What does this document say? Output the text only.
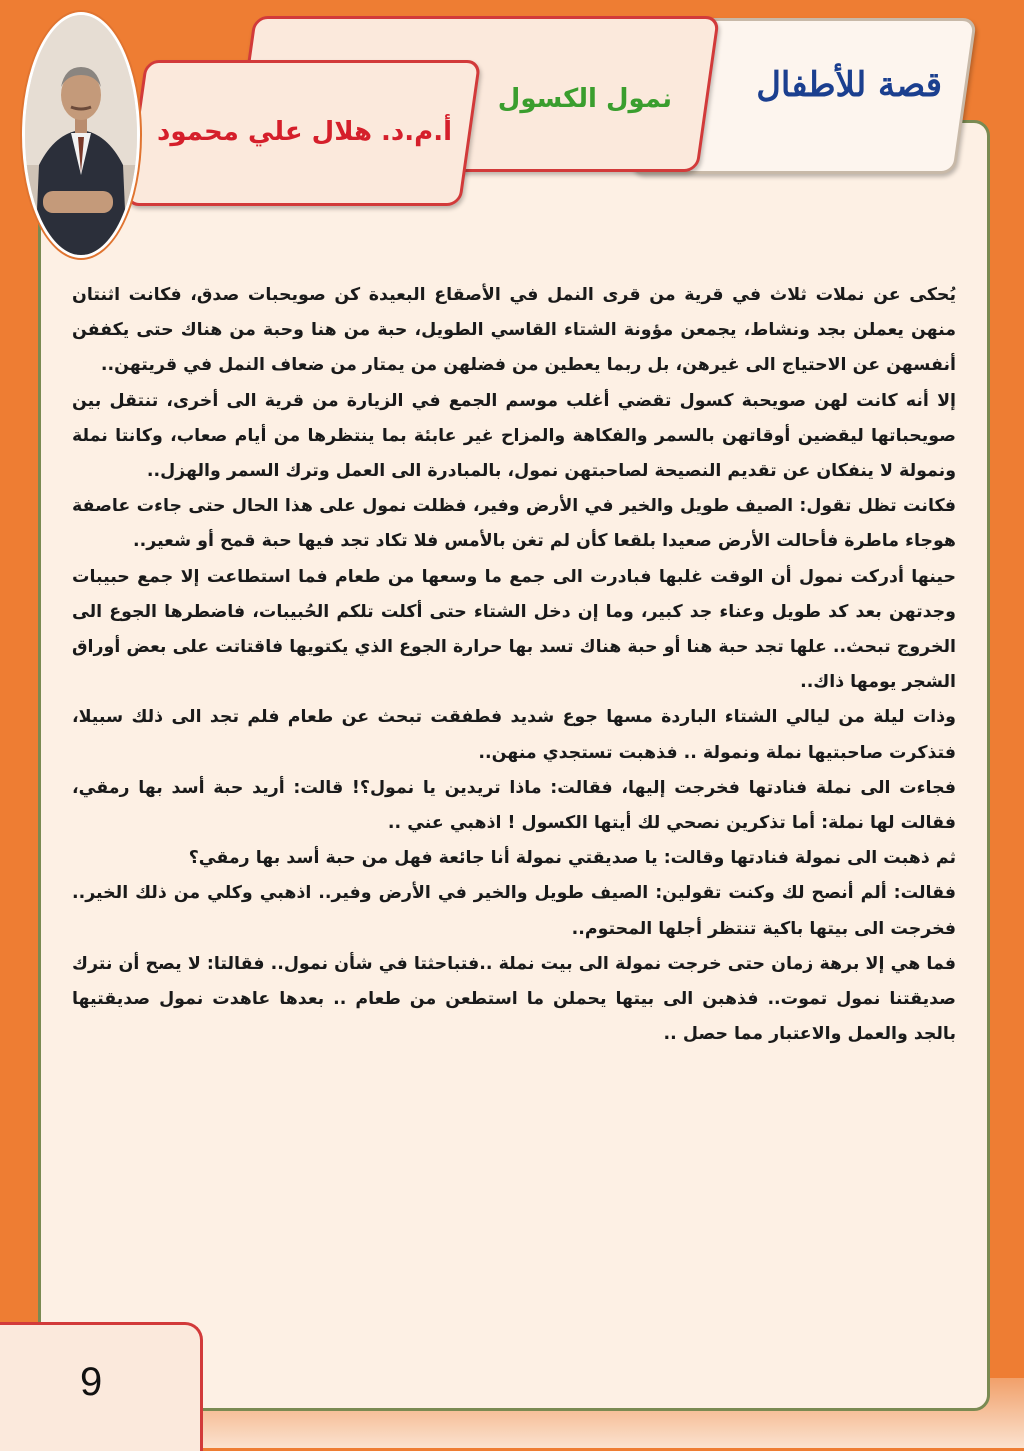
قصة للأطفال
نمول الكسول
أ.م.د. هلال علي محمود

يُحكى عن نملات ثلاث في قرية من قرى النمل في الأصقاع البعيدة كن صويحبات صدق، فكانت اثنتان منهن يعملن بجد ونشاط، يجمعن مؤونة الشتاء القاسي الطويل، حبة من هنا وحبة من هناك حتى يكففن أنفسهن عن الاحتياج الى غيرهن، بل ربما يعطين من فضلهن من يمتار من ضعاف النمل في قريتهن..

إلا أنه كانت لهن صويحبة كسول تقضي أغلب موسم الجمع في الزيارة من قرية الى أخرى، تنتقل بين صويحباتها ليقضين أوقاتهن بالسمر والفكاهة والمزاح غير عابئة بما ينتظرها من أيام صعاب، وكانتا نملة ونمولة لا ينفكان عن تقديم النصيحة لصاحبتهن نمول، بالمبادرة الى العمل وترك السمر والهزل..

فكانت تظل تقول: الصيف طويل والخير في الأرض وفير، فظلت نمول على هذا الحال حتى جاءت عاصفة هوجاء ماطرة فأحالت الأرض صعيدا بلقعا كأن لم تغن بالأمس فلا تكاد تجد فيها حبة قمح أو شعير..

حينها أدركت نمول أن الوقت غلبها فبادرت الى جمع ما وسعها من طعام فما استطاعت إلا جمع حبيبات وجدتهن بعد كد طويل وعناء جد كبير، وما إن دخل الشتاء حتى أكلت تلكم الحُبيبات، فاضطرها الجوع الى الخروج تبحث.. علها تجد حبة هنا أو حبة هناك تسد بها حرارة الجوع الذي يكتويها فاقتاتت على بعض أوراق الشجر يومها ذاك..

وذات ليلة من ليالي الشتاء الباردة مسها جوع شديد فطفقت تبحث عن طعام فلم تجد الى ذلك سبيلا، فتذكرت صاحبتيها نملة ونمولة .. فذهبت تستجدي منهن..

فجاءت الى نملة فنادتها فخرجت إليها، فقالت: ماذا تريدين يا نمول؟! قالت: أريد حبة أسد بها رمقي، فقالت لها نملة: أما تذكرين نصحي لك أيتها الكسول ! اذهبي عني ..

ثم ذهبت الى نمولة فنادتها وقالت: يا صديقتي نمولة أنا جائعة فهل من حبة أسد بها رمقي؟

فقالت: ألم أنصح لك وكنت تقولين: الصيف طويل والخير في الأرض وفير.. اذهبي وكلي من ذلك الخير.. فخرجت الى بيتها باكية تنتظر أجلها المحتوم..

فما هي إلا برهة زمان حتى خرجت نمولة الى بيت نملة ..فتباحثتا في شأن نمول.. فقالتا: لا يصح أن نترك صديقتنا نمول تموت.. فذهبن الى بيتها يحملن ما استطعن من طعام .. بعدها عاهدت نمول صديقتيها بالجد والعمل والاعتبار مما حصل ..

9
